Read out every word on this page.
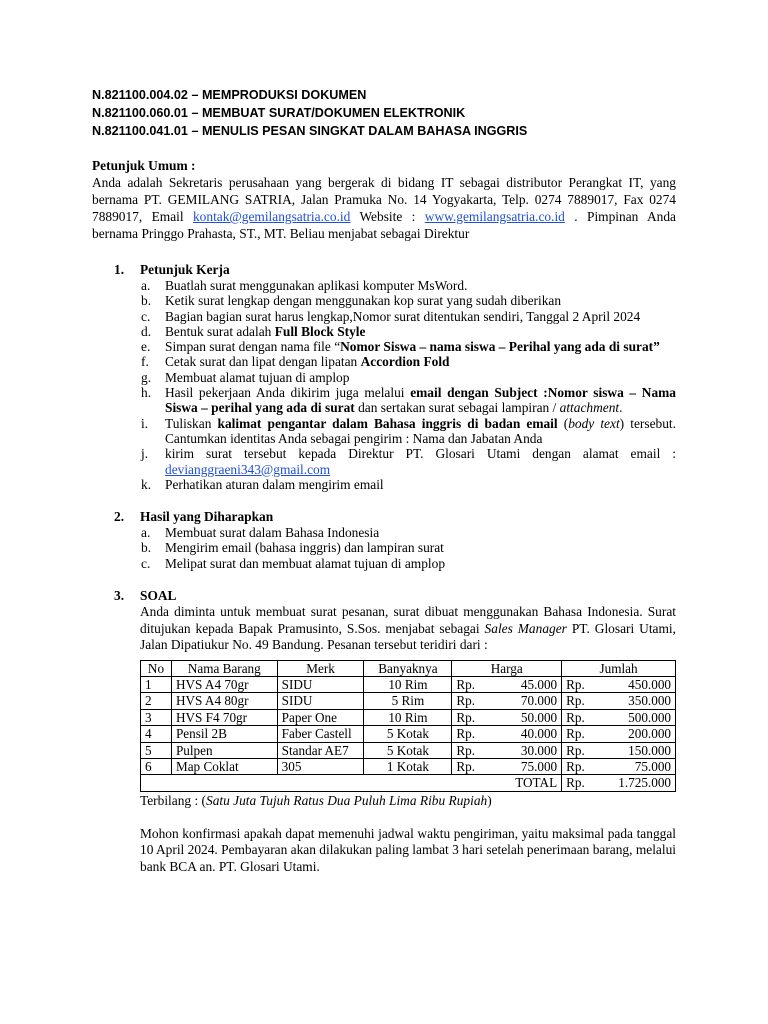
N.821100.004.02 – MEMPRODUKSI DOKUMEN

N.821100.060.01 – MEMBUAT SURAT/DOKUMEN ELEKTRONIK

N.821100.041.01 – MENULIS PESAN SINGKAT DALAM BAHASA INGGRIS

Petunjuk Umum :

Anda adalah Sekretaris perusahaan yang bergerak di bidang IT sebagai distributor Perangkat IT, yang bernama PT. GEMILANG SATRIA, Jalan Pramuka No. 14 Yogyakarta, Telp. 0274 7889017, Fax 0274 7889017, Email kontak@gemilangsatria.co.id Website : www.gemilangsatria.co.id . Pimpinan Anda bernama Pringgo Prahasta, ST., MT. Beliau menjabat sebagai Direktur

1. Petunjuk Kerja
a. Buatlah surat menggunakan aplikasi komputer MsWord.
b. Ketik surat lengkap dengan menggunakan kop surat yang sudah diberikan
c. Bagian bagian surat harus lengkap,Nomor surat ditentukan sendiri, Tanggal 2 April 2024
d. Bentuk surat adalah Full Block Style
e. Simpan surat dengan nama file “Nomor Siswa – nama siswa – Perihal yang ada di surat”
f. Cetak surat dan lipat dengan lipatan Accordion Fold
g. Membuat alamat tujuan di amplop
h. Hasil pekerjaan Anda dikirim juga melalui email dengan Subject :Nomor siswa – Nama Siswa – perihal yang ada di surat dan sertakan surat sebagai lampiran / attachment.
i. Tuliskan kalimat pengantar dalam Bahasa inggris di badan email (body text) tersebut. Cantumkan identitas Anda sebagai pengirim : Nama dan Jabatan Anda
j. kirim surat tersebut kepada Direktur PT. Glosari Utami dengan alamat email : devianggraeni343@gmail.com
k. Perhatikan aturan dalam mengirim email
2. Hasil yang Diharapkan
a. Membuat surat dalam Bahasa Indonesia
b. Mengirim email (bahasa inggris) dan lampiran surat
c. Melipat surat dan membuat alamat tujuan di amplop
3. SOAL
Anda diminta untuk membuat surat pesanan, surat dibuat menggunakan Bahasa Indonesia. Surat ditujukan kepada Bapak Pramusinto, S.Sos. menjabat sebagai Sales Manager PT. Glosari Utami, Jalan Dipatiukur No. 49 Bandung. Pesanan tersebut teridiri dari :
No	Nama Barang	Merk	Banyaknya	Harga	Jumlah
1	HVS A4 70gr	SIDU	10 Rim	Rp. 45.000	Rp. 450.000

2	HVS A4 80gr	SIDU	5 Rim	Rp. 70.000	Rp. 350.000

3	HVS F4 70gr	Paper One	10 Rim	Rp. 50.000	Rp. 500.000

4	Pensil 2B	Faber Castell	5 Kotak	Rp. 40.000	Rp. 200.000

5	Pulpen	Standar AE7	5 Kotak	Rp. 30.000	Rp. 150.000

6	Map Coklat	305	1 Kotak	Rp. 75.000	Rp. 75.000

TOTAL					Rp. 1.725.000
Terbilang : (Satu Juta Tujuh Ratus Dua Puluh Lima Ribu Rupiah)
Mohon konfirmasi apakah dapat memenuhi jadwal waktu pengiriman, yaitu maksimal pada tanggal 10 April 2024. Pembayaran akan dilakukan paling lambat 3 hari setelah penerimaan barang, melalui bank BCA an. PT. Glosari Utami.
